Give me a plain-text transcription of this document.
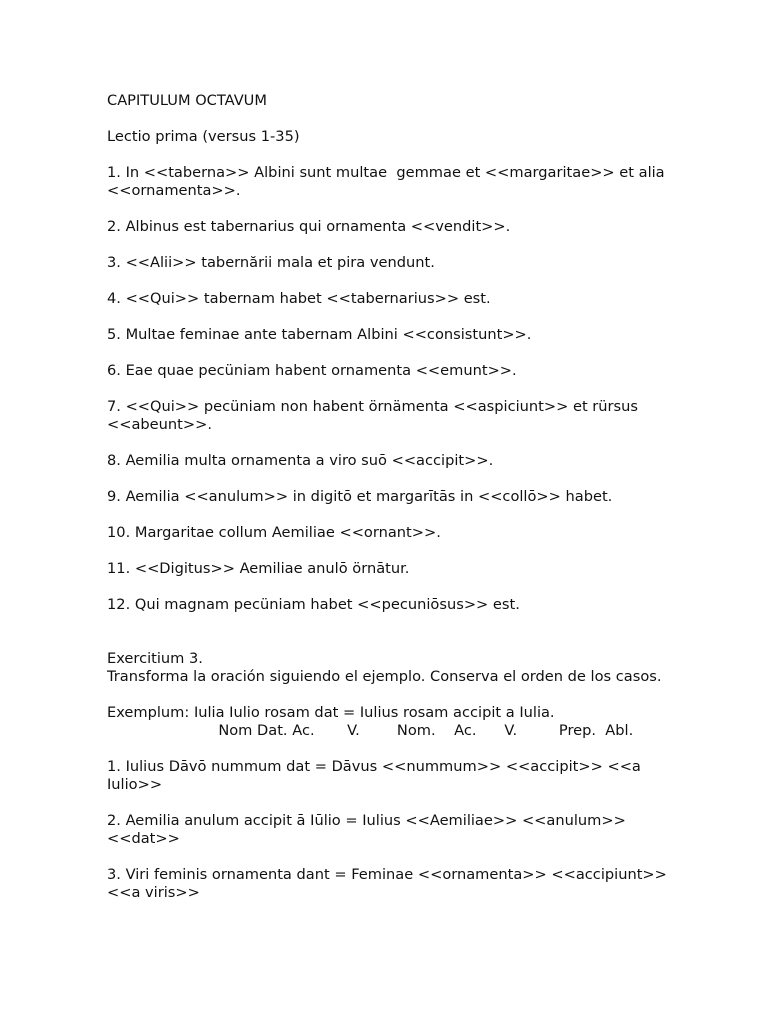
CAPITULUM OCTAVUM

Lectio prima (versus 1-35)

1. In <<taberna>> Albini sunt multae  gemmae et <<margaritae>> et alia <<ornamenta>>.

2. Albinus est tabernarius qui ornamenta <<vendit>>.

3. <<Alii>> tabernării mala et pira vendunt.

4. <<Qui>> tabernam habet <<tabernarius>> est.

5. Multae feminae ante tabernam Albini <<consistunt>>.

6. Eae quae pecüniam habent ornamenta <<emunt>>.

7. <<Qui>> pecüniam non habent örnämenta <<aspiciunt>> et rürsus <<abeunt>>.

8. Aemilia multa ornamenta a viro suō <<accipit>>.

9. Aemilia <<anulum>> in digitō et margarītās in <<collō>> habet.

10. Margaritae collum Aemiliae <<ornant>>.

11. <<Digitus>> Aemiliae anulō örnātur.

12. Qui magnam pecüniam habet <<pecuniōsus>> est.

Exercitium 3.

Transforma la oración siguiendo el ejemplo. Conserva el orden de los casos.

Exemplum: Iulia Iulio rosam dat = Iulius rosam accipit a Iulia.

Nom Dat. Ac.       V.        Nom.    Ac.      V.         Prep.  Abl.

1. Iulius Dāvō nummum dat = Dāvus <<nummum>> <<accipit>> <<a Iulio>>

2. Aemilia anulum accipit ā Iūlio = Iulius <<Aemiliae>> <<anulum>> <<dat>>

3. Viri feminis ornamenta dant = Feminae <<ornamenta>> <<accipiunt>> <<a viris>>
